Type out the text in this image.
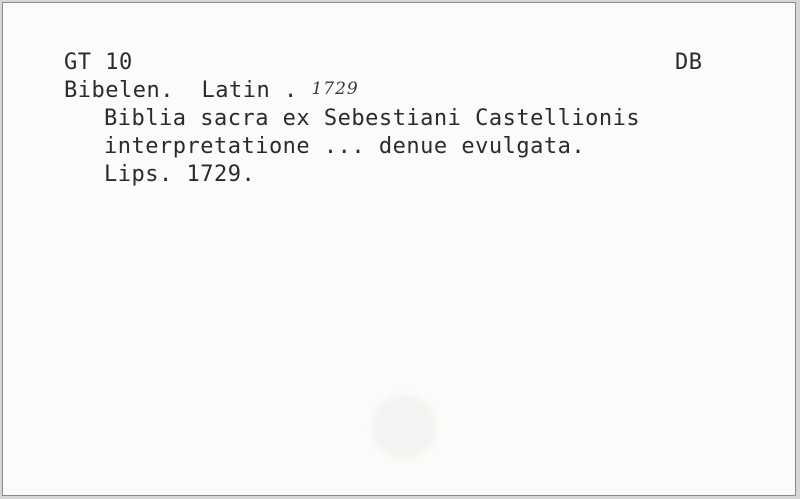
GT 10	DB
Bibelen. Latin . 1729
Biblia sacra ex Sebestiani Castellionis
interpretatione ... denue evulgata.
Lips. 1729.
